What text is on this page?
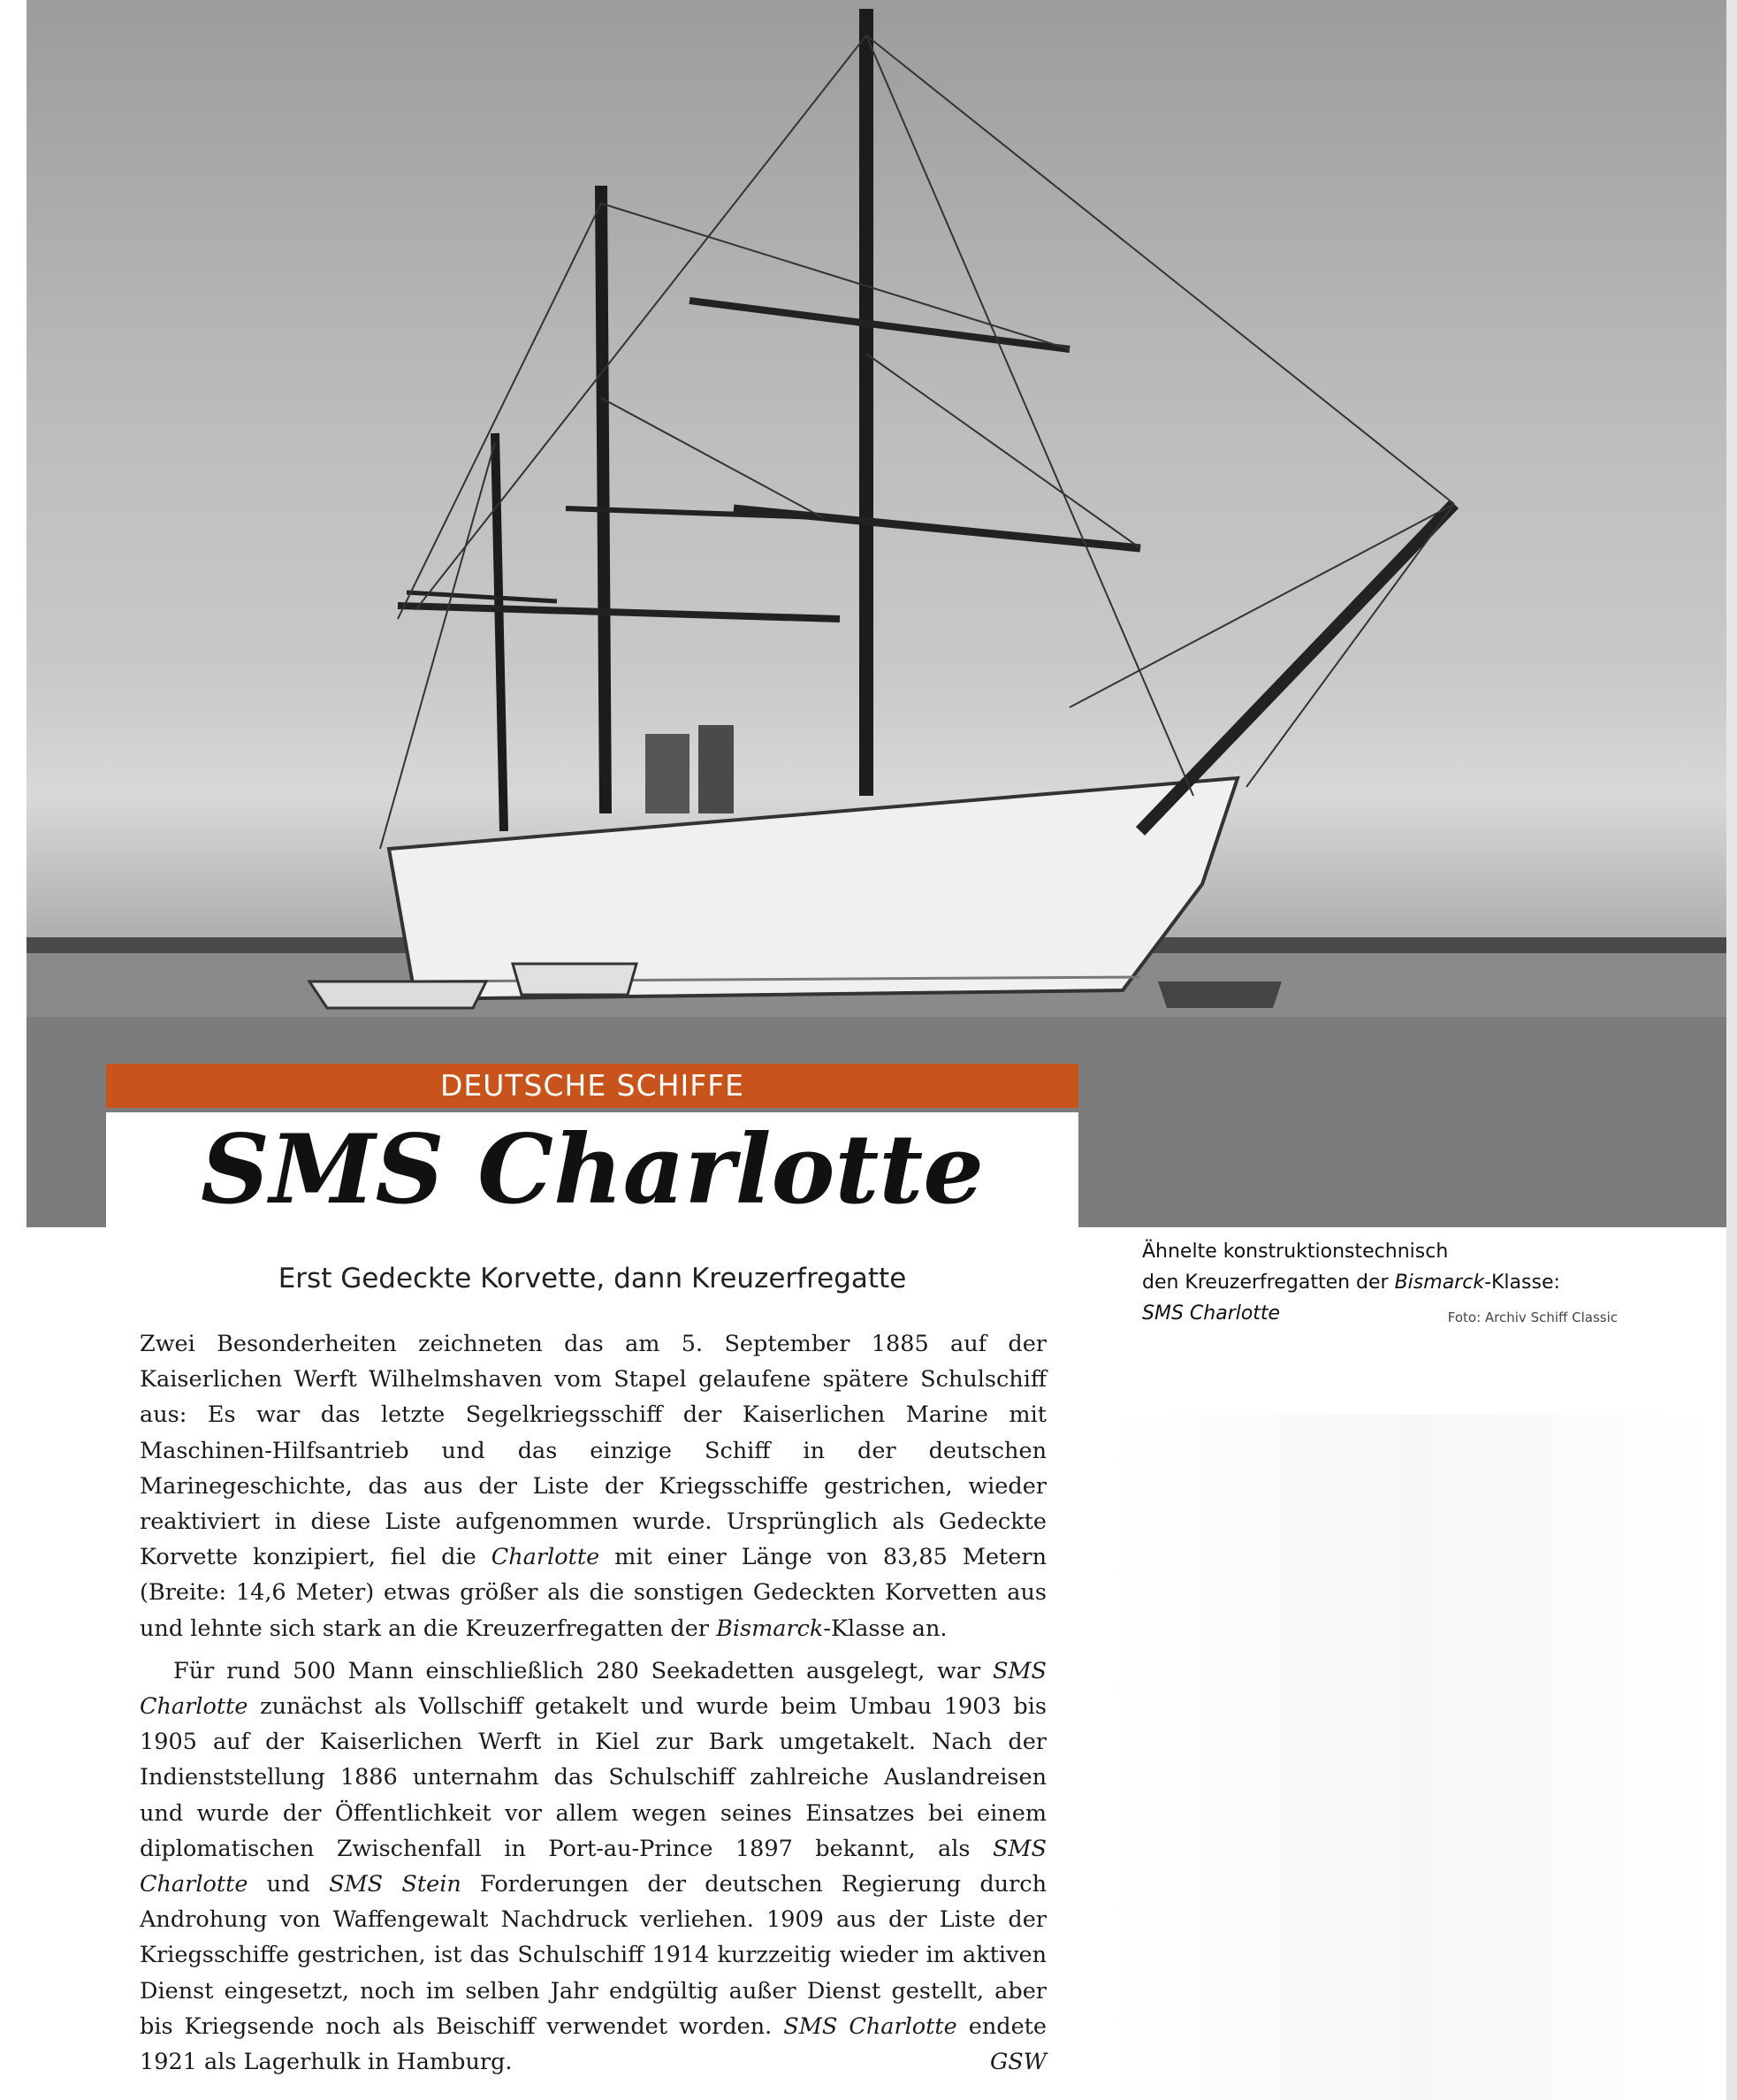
DEUTSCHE SCHIFFE
SMS Charlotte
Erst Gedeckte Korvette, dann Kreuzerfregatte
Ähnelte konstruktionstechnisch
den Kreuzerfregatten der Bismarck-Klasse:
SMS Charlotte	Foto: Archiv Schiff Classic

Zwei Besonderheiten zeichneten das am 5. September 1885 auf der Kaiserlichen Werft Wilhelmshaven vom Stapel gelaufene spätere Schulschiff aus: Es war das letzte Segelkriegsschiff der Kaiserlichen Marine mit Maschinen-Hilfsantrieb und das einzige Schiff in der deutschen Marinegeschichte, das aus der Liste der Kriegsschiffe gestrichen, wieder reaktiviert in diese Liste aufgenommen wurde. Ursprünglich als Gedeckte Korvette konzipiert, fiel die Charlotte mit einer Länge von 83,85 Metern (Breite: 14,6 Meter) etwas größer als die sonstigen Gedeckten Korvetten aus und lehnte sich stark an die Kreuzerfregatten der Bismarck-Klasse an.

Für rund 500 Mann einschließlich 280 Seekadetten ausgelegt, war SMS Charlotte zunächst als Vollschiff getakelt und wurde beim Umbau 1903 bis 1905 auf der Kaiserlichen Werft in Kiel zur Bark umgetakelt. Nach der Indienststellung 1886 unternahm das Schulschiff zahlreiche Auslandreisen und wurde der Öffentlichkeit vor allem wegen seines Einsatzes bei einem diplomatischen Zwischenfall in Port-au-Prince 1897 bekannt, als SMS Charlotte und SMS Stein Forderungen der deutschen Regierung durch Androhung von Waffengewalt Nachdruck verliehen. 1909 aus der Liste der Kriegsschiffe gestrichen, ist das Schulschiff 1914 kurzzeitig wieder im aktiven Dienst eingesetzt, noch im selben Jahr endgültig außer Dienst gestellt, aber bis Kriegsende noch als Beischiff verwendet worden. SMS Charlotte endete 1921 als Lagerhulk in Hamburg.	GSW
